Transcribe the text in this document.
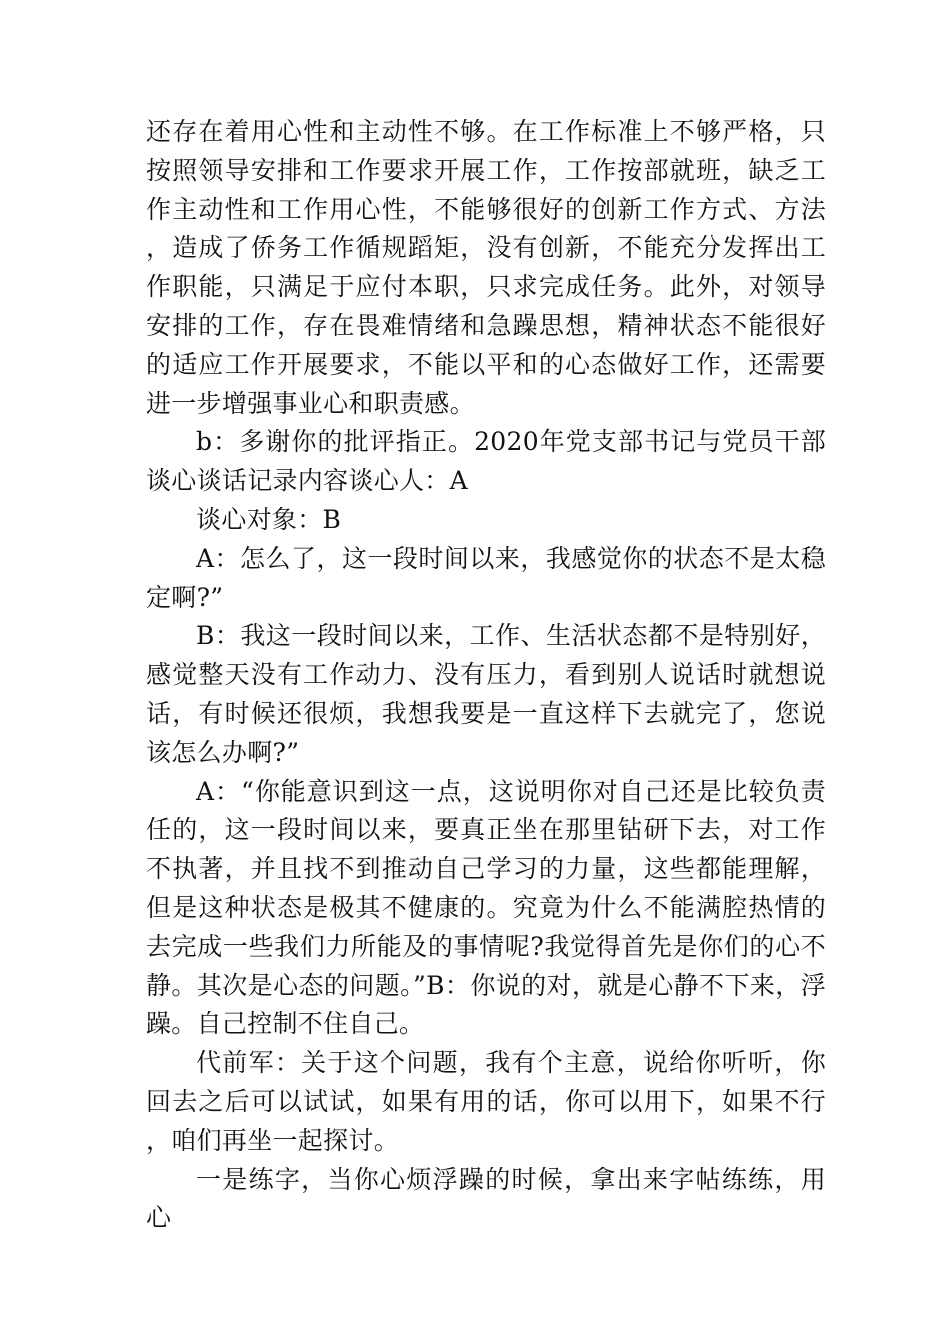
还存在着用心性和主动性不够。在工作标准上不够严格，只按照领导安排和工作要求开展工作，工作按部就班，缺乏工作主动性和工作用心性，不能够很好的创新工作方式、方法，造成了侨务工作循规蹈矩，没有创新，不能充分发挥出工作职能，只满足于应付本职，只求完成任务。此外，对领导安排的工作，存在畏难情绪和急躁思想，精神状态不能很好的适应工作开展要求，不能以平和的心态做好工作，还需要进一步增强事业心和职责感。

b：多谢你的批评指正。2020年党支部书记与党员干部谈心谈话记录内容谈心人：A

谈心对象：B

A：怎么了，这一段时间以来，我感觉你的状态不是太稳定啊?”

B：我这一段时间以来，工作、生活状态都不是特别好，感觉整天没有工作动力、没有压力，看到别人说话时就想说话，有时候还很烦，我想我要是一直这样下去就完了，您说该怎么办啊?”

A：“你能意识到这一点，这说明你对自己还是比较负责任的，这一段时间以来，要真正坐在那里钻研下去，对工作不执著，并且找不到推动自己学习的力量，这些都能理解，但是这种状态是极其不健康的。究竟为什么不能满腔热情的去完成一些我们力所能及的事情呢?我觉得首先是你们的心不静。其次是心态的问题。”B：你说的对，就是心静不下来，浮躁。自己控制不住自己。

代前军：关于这个问题，我有个主意，说给你听听，你回去之后可以试试，如果有用的话，你可以用下，如果不行，咱们再坐一起探讨。

一是练字，当你心烦浮躁的时候，拿出来字帖练练，用心
